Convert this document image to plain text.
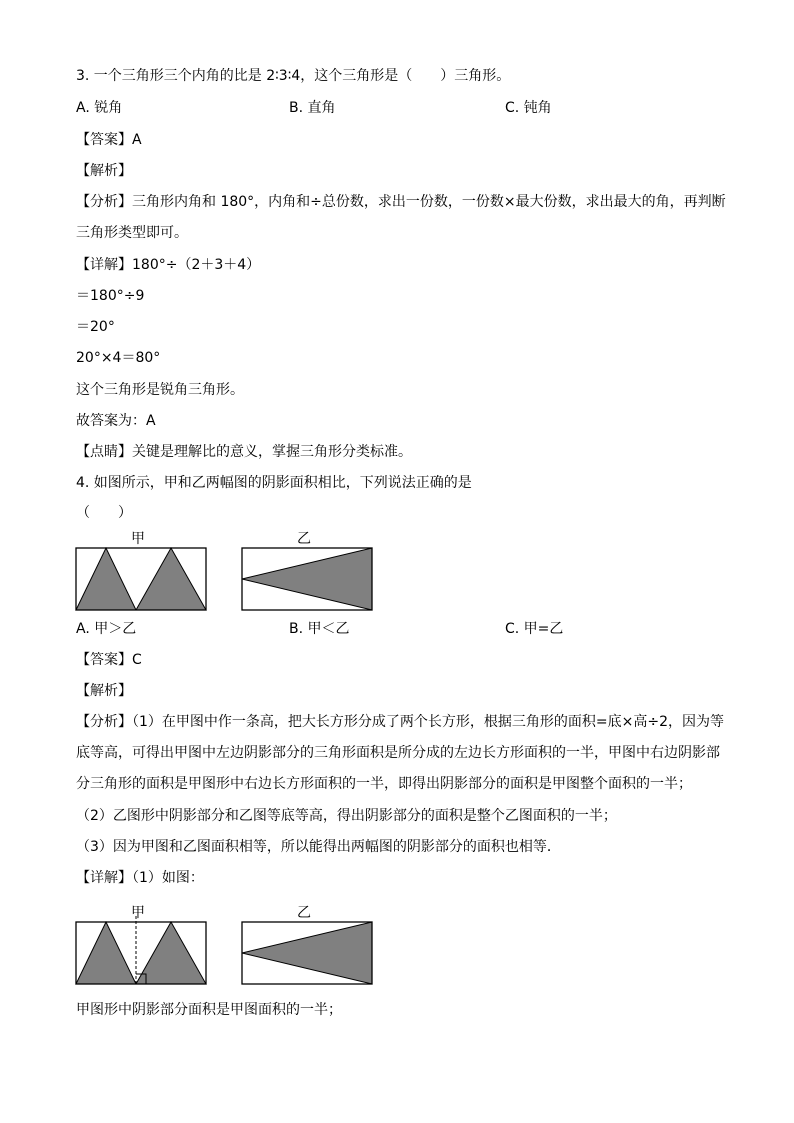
3. 一个三角形三个内角的比是 2∶3∶4，这个三角形是（　　）三角形。
A. 锐角	B. 直角	C. 钝角
【答案】A
【解析】
【分析】三角形内角和 180°，内角和÷总份数，求出一份数，一份数×最大份数，求出最大的角，再判断
三角形类型即可。
【详解】180°÷（2＋3＋4）
＝180°÷9
＝20°
20°×4＝80°
这个三角形是锐角三角形。
故答案为：A
【点睛】关键是理解比的意义，掌握三角形分类标准。
4. 如图所示，甲和乙两幅图的阴影面积相比，下列说法正确的是
（　　）
甲	乙
A. 甲＞乙	B. 甲＜乙	C. 甲=乙
【答案】C
【解析】
【分析】（1）在甲图中作一条高，把大长方形分成了两个长方形，根据三角形的面积=底×高÷2，因为等
底等高，可得出甲图中左边阴影部分的三角形面积是所分成的左边长方形面积的一半，甲图中右边阴影部
分三角形的面积是甲图形中右边长方形面积的一半，即得出阴影部分的面积是甲图整个面积的一半；
（2）乙图形中阴影部分和乙图等底等高，得出阴影部分的面积是整个乙图面积的一半；
（3）因为甲图和乙图面积相等，所以能得出两幅图的阴影部分的面积也相等．
【详解】（1）如图：
甲	乙
甲图形中阴影部分面积是甲图面积的一半；
